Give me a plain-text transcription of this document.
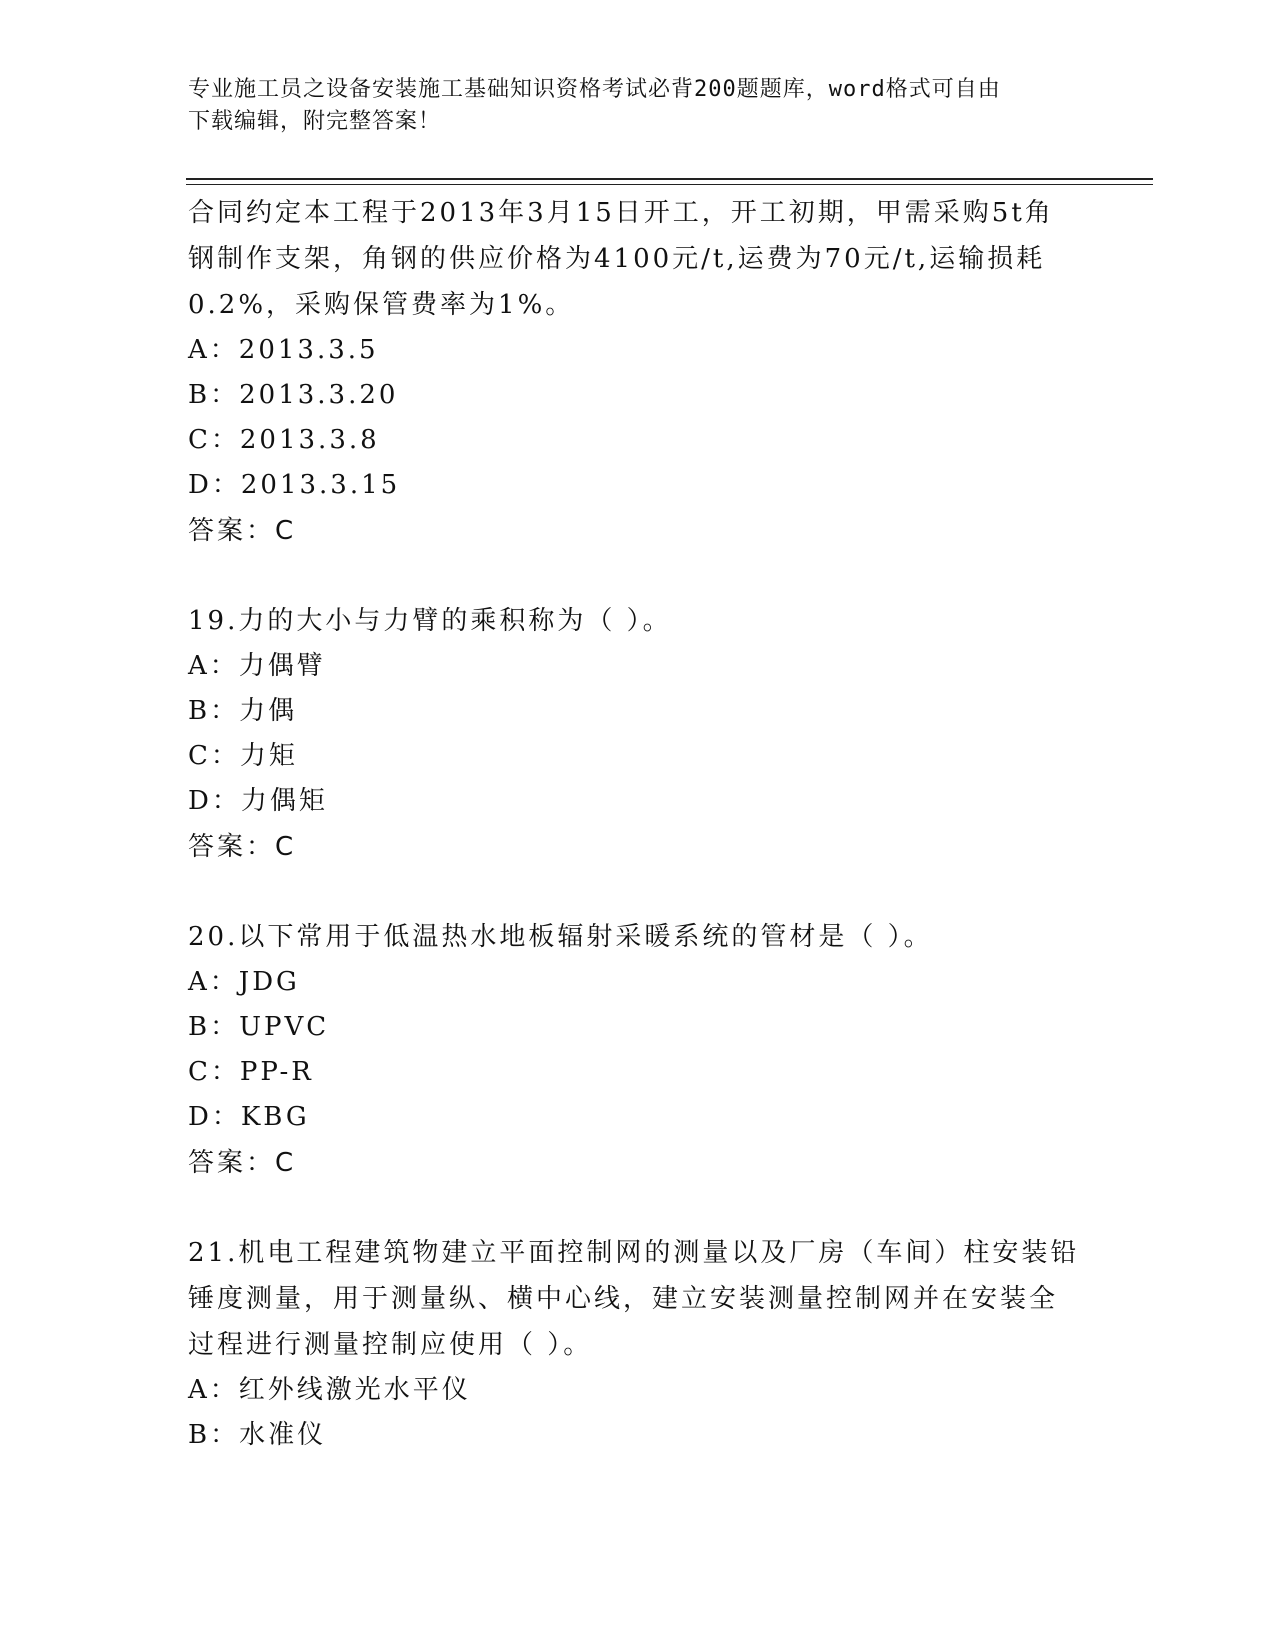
专业施工员之设备安装施工基础知识资格考试必背200题题库，word格式可自由
下载编辑，附完整答案！
合同约定本工程于2013年3月15日开工，开工初期，甲需采购5t角
钢制作支架，角钢的供应价格为4100元/t,运费为70元/t,运输损耗
0.2%，采购保管费率为1%。
A：2013.3.5
B：2013.3.20
C：2013.3.8
D：2013.3.15
答案：C
19.力的大小与力臂的乘积称为（ ）。
A：力偶臂
B：力偶
C：力矩
D：力偶矩
答案：C
20.以下常用于低温热水地板辐射采暖系统的管材是（ ）。
A：JDG
B：UPVC
C：PP-R
D：KBG
答案：C
21.机电工程建筑物建立平面控制网的测量以及厂房（车间）柱安装铅
锤度测量，用于测量纵、横中心线，建立安装测量控制网并在安装全
过程进行测量控制应使用（ ）。
A：红外线激光水平仪
B：水准仪
